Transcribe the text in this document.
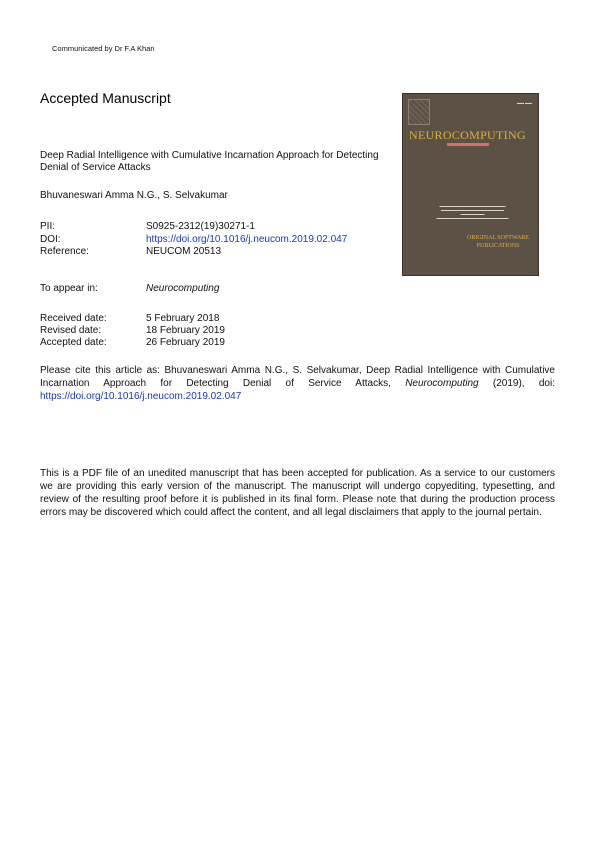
Communicated by Dr F.A Khan
Accepted Manuscript
Deep Radial Intelligence with Cumulative Incarnation Approach for Detecting Denial of Service Attacks
Bhuvaneswari Amma N.G., S. Selvakumar
PII:	S0925-2312(19)30271-1
DOI:	https://doi.org/10.1016/j.neucom.2019.02.047
Reference:	NEUCOM 20513
To appear in:	Neurocomputing
Received date:	5 February 2018
Revised date:	18 February 2019
Accepted date:	26 February 2019
Please cite this article as: Bhuvaneswari Amma N.G., S. Selvakumar, Deep Radial Intelligence with Cumulative Incarnation Approach for Detecting Denial of Service Attacks, Neurocomputing (2019), doi: https://doi.org/10.1016/j.neucom.2019.02.047
This is a PDF file of an unedited manuscript that has been accepted for publication. As a service to our customers we are providing this early version of the manuscript. The manuscript will undergo copyediting, typesetting, and review of the resulting proof before it is published in its final form. Please note that during the production process errors may be discovered which could affect the content, and all legal disclaimers that apply to the journal pertain.
▬▬ ▬▬
NEUROCOMPUTING
▬▬▬▬▬▬▬▬▬▬▬▬▬▬▬▬▬▬▬▬▬▬
▬▬▬▬▬▬▬▬▬▬▬▬▬▬▬▬▬▬▬▬▬
▬▬▬▬▬▬▬▬
▬▬▬▬▬▬▬▬▬▬▬▬▬▬▬▬▬▬▬▬▬▬▬▬
ORIGINAL SOFTWARE PUBLICATIONS
